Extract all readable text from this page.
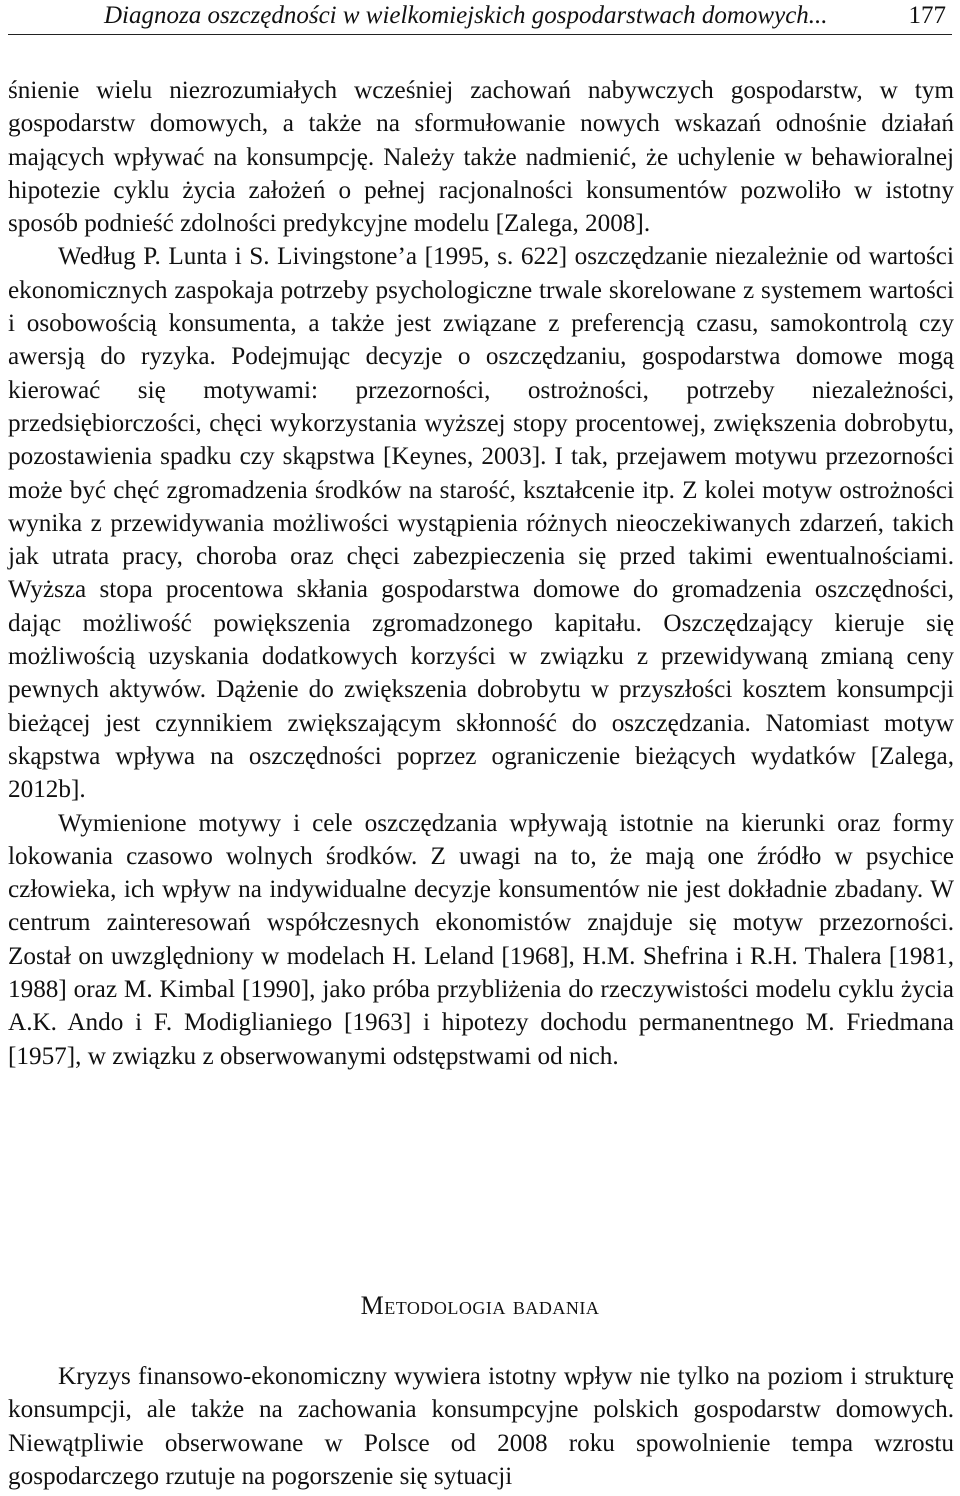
Diagnoza oszczędności w wielkomiejskich gospodarstwach domowych...	177

śnienie wielu niezrozumiałych wcześniej zachowań nabywczych gospodarstw, w tym gospodarstw domowych, a także na sformułowanie nowych wskazań odnośnie działań mających wpływać na konsumpcję. Należy także nadmienić, że uchylenie w behawioralnej hipotezie cyklu życia założeń o pełnej racjonalności konsumentów pozwoliło w istotny sposób podnieść zdolności predykcyjne modelu [Zalega, 2008].

Według P. Lunta i S. Livingstone’a [1995, s. 622] oszczędzanie niezależnie od wartości ekonomicznych zaspokaja potrzeby psychologiczne trwale skorelowane z systemem wartości i osobowością konsumenta, a także jest związane z preferencją czasu, samokontrolą czy awersją do ryzyka. Podejmując decyzje o oszczędzaniu, gospodarstwa domowe mogą kierować się motywami: przezorności, ostrożności, potrzeby niezależności, przedsiębiorczości, chęci wykorzystania wyższej stopy procentowej, zwiększenia dobrobytu, pozostawienia spadku czy skąpstwa [Keynes, 2003]. I tak, przejawem motywu przezorności może być chęć zgromadzenia środków na starość, kształcenie itp. Z kolei motyw ostrożności wynika z przewidywania możliwości wystąpienia różnych nieoczekiwanych zdarzeń, takich jak utrata pracy, choroba oraz chęci zabezpieczenia się przed takimi ewentualnościami. Wyższa stopa procentowa skłania gospodarstwa domowe do gromadzenia oszczędności, dając możliwość powiększenia zgromadzonego kapitału. Oszczędzający kieruje się możliwością uzyskania dodatkowych korzyści w związku z przewidywaną zmianą ceny pewnych aktywów. Dążenie do zwiększenia dobrobytu w przyszłości kosztem konsumpcji bieżącej jest czynnikiem zwiększającym skłonność do oszczędzania. Natomiast motyw skąpstwa wpływa na oszczędności poprzez ograniczenie bieżących wydatków [Zalega, 2012b].

Wymienione motywy i cele oszczędzania wpływają istotnie na kierunki oraz formy lokowania czasowo wolnych środków. Z uwagi na to, że mają one źródło w psychice człowieka, ich wpływ na indywidualne decyzje konsumentów nie jest dokładnie zbadany. W centrum zainteresowań współczesnych ekonomistów znajduje się motyw przezorności. Został on uwzględniony w modelach H. Leland [1968], H.M. Shefrina i R.H. Thalera [1981, 1988] oraz M. Kimbal [1990], jako próba przybliżenia do rzeczywistości modelu cyklu życia A.K. Ando i F. Modiglianiego [1963] i hipotezy dochodu permanentnego M. Friedmana [1957], w związku z obserwowanymi odstępstwami od nich.

Metodologia badania

Kryzys finansowo-ekonomiczny wywiera istotny wpływ nie tylko na poziom i strukturę konsumpcji, ale także na zachowania konsumpcyjne polskich gospodarstw domowych. Niewątpliwie obserwowane w Polsce od 2008 roku spowolnienie tempa wzrostu gospodarczego rzutuje na pogorszenie się sytuacji
